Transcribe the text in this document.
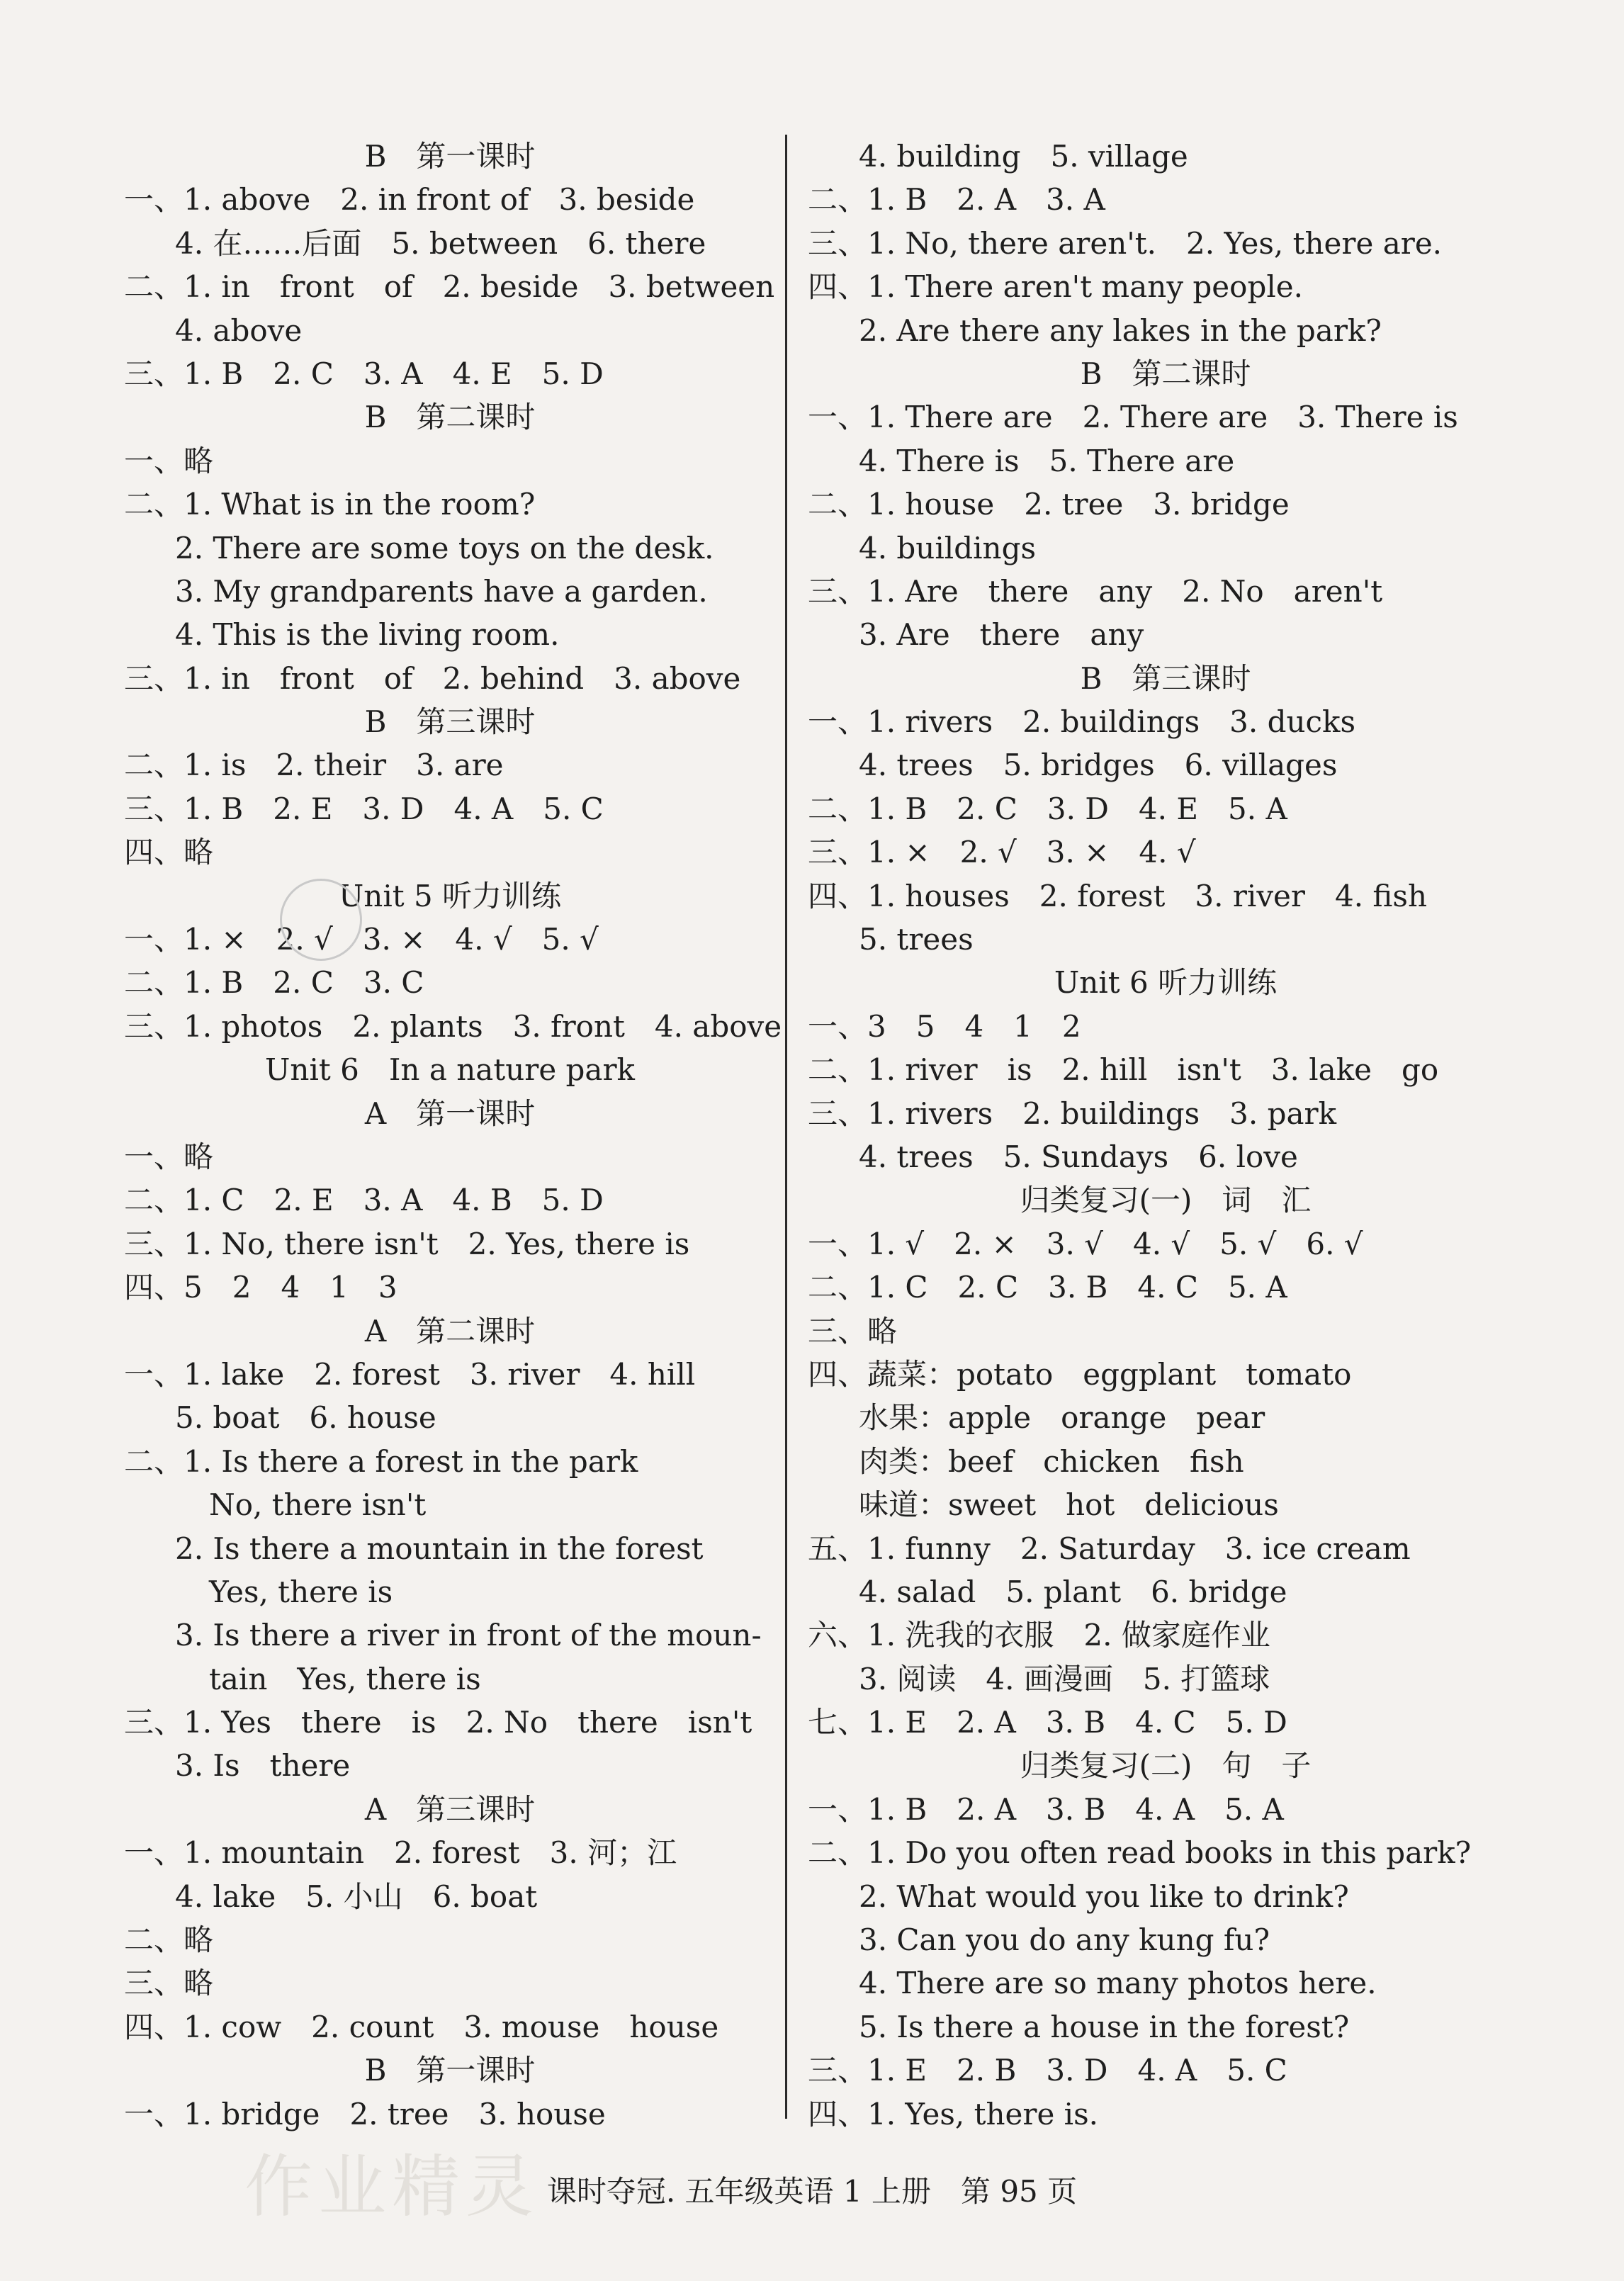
B　第一课时
一、1. above　2. in front of　3. beside
4. 在……后面　5. between　6. there
二、1. in　front　of　2. beside　3. between
4. above
三、1. B　2. C　3. A　4. E　5. D
B　第二课时
一、略
二、1. What is in the room?
2. There are some toys on the desk.
3. My grandparents have a garden.
4. This is the living room.
三、1. in　front　of　2. behind　3. above
B　第三课时
二、1. is　2. their　3. are
三、1. B　2. E　3. D　4. A　5. C
四、略
Unit 5 听力训练
一、1. ×　2. √　3. ×　4. √　5. √
二、1. B　2. C　3. C
三、1. photos　2. plants　3. front　4. above
Unit 6　In a nature park
A　第一课时
一、略
二、1. C　2. E　3. A　4. B　5. D
三、1. No, there isn't　2. Yes, there is
四、5　2　4　1　3
A　第二课时
一、1. lake　2. forest　3. river　4. hill
5. boat　6. house
二、1. Is there a forest in the park
No, there isn't
2. Is there a mountain in the forest
Yes, there is
3. Is there a river in front of the moun-
tain　Yes, there is
三、1. Yes　there　is　2. No　there　isn't
3. Is　there
A　第三课时
一、1. mountain　2. forest　3. 河；江
4. lake　5. 小山　6. boat
二、略
三、略
四、1. cow　2. count　3. mouse　house
B　第一课时
一、1. bridge　2. tree　3. house
4. building　5. village
二、1. B　2. A　3. A
三、1. No, there aren't.　2. Yes, there are.
四、1. There aren't many people.
2. Are there any lakes in the park?
B　第二课时
一、1. There are　2. There are　3. There is
4. There is　5. There are
二、1. house　2. tree　3. bridge
4. buildings
三、1. Are　there　any　2. No　aren't
3. Are　there　any
B　第三课时
一、1. rivers　2. buildings　3. ducks
4. trees　5. bridges　6. villages
二、1. B　2. C　3. D　4. E　5. A
三、1. ×　2. √　3. ×　4. √
四、1. houses　2. forest　3. river　4. fish
5. trees
Unit 6 听力训练
一、3　5　4　1　2
二、1. river　is　2. hill　isn't　3. lake　go
三、1. rivers　2. buildings　3. park
4. trees　5. Sundays　6. love
归类复习(一)　词　汇
一、1. √　2. ×　3. √　4. √　5. √　6. √
二、1. C　2. C　3. B　4. C　5. A
三、略
四、蔬菜：potato　eggplant　tomato
水果：apple　orange　pear
肉类：beef　chicken　fish
味道：sweet　hot　delicious
五、1. funny　2. Saturday　3. ice cream
4. salad　5. plant　6. bridge
六、1. 洗我的衣服　2. 做家庭作业
3. 阅读　4. 画漫画　5. 打篮球
七、1. E　2. A　3. B　4. C　5. D
归类复习(二)　句　子
一、1. B　2. A　3. B　4. A　5. A
二、1. Do you often read books in this park?
2. What would you like to drink?
3. Can you do any kung fu?
4. There are so many photos here.
5. Is there a house in the forest?
三、1. E　2. B　3. D　4. A　5. C
四、1. Yes, there is.
作业精灵 课时夺冠. 五年级英语 1 上册　第 95 页
